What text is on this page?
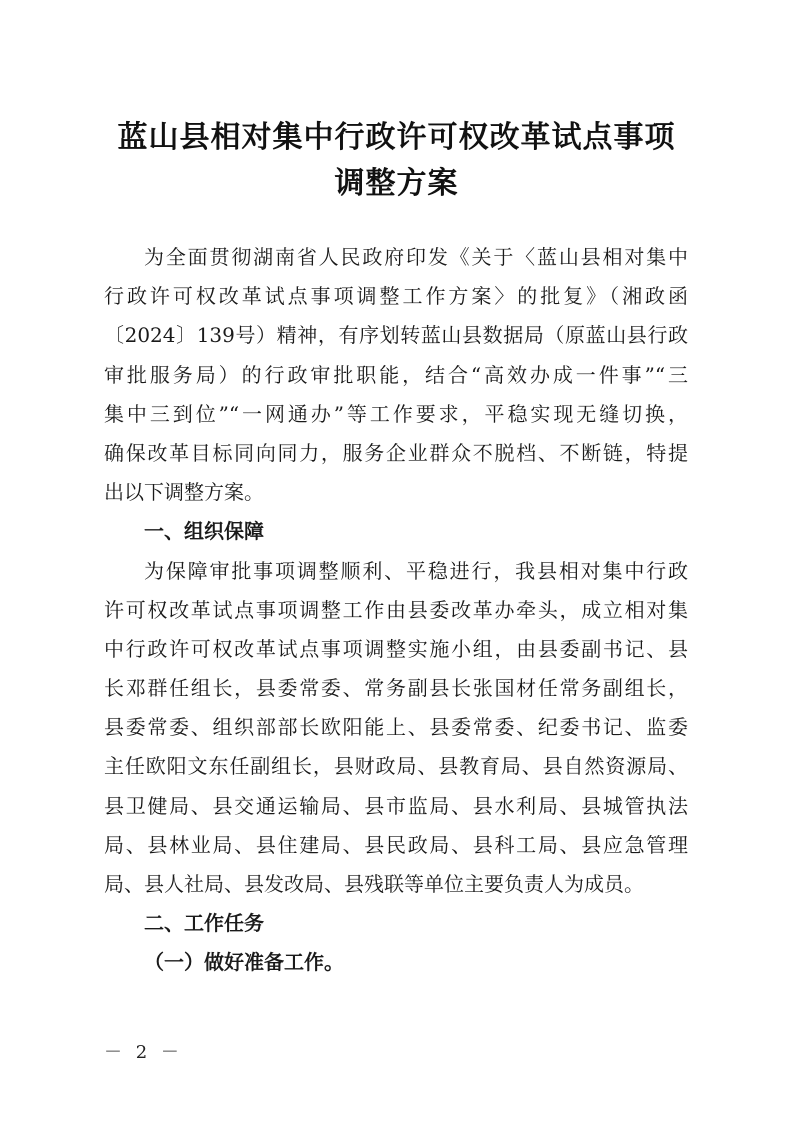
蓝山县相对集中行政许可权改革试点事项
调整方案
为全面贯彻湖南省人民政府印发《关于〈蓝山县相对集中
行政许可权改革试点事项调整工作方案〉的批复》（湘政函
〔2024〕139号）精神，有序划转蓝山县数据局（原蓝山县行政
审批服务局）的行政审批职能，结合“高效办成一件事”“三
集中三到位”“一网通办”等工作要求，平稳实现无缝切换，
确保改革目标同向同力，服务企业群众不脱档、不断链，特提
出以下调整方案。
一、组织保障
为保障审批事项调整顺利、平稳进行，我县相对集中行政
许可权改革试点事项调整工作由县委改革办牵头，成立相对集
中行政许可权改革试点事项调整实施小组，由县委副书记、县
长邓群任组长，县委常委、常务副县长张国材任常务副组长，
县委常委、组织部部长欧阳能上、县委常委、纪委书记、监委
主任欧阳文东任副组长，县财政局、县教育局、县自然资源局、
县卫健局、县交通运输局、县市监局、县水利局、县城管执法
局、县林业局、县住建局、县民政局、县科工局、县应急管理
局、县人社局、县发改局、县残联等单位主要负责人为成员。
二、工作任务
（一）做好准备工作。
－ 2 －
